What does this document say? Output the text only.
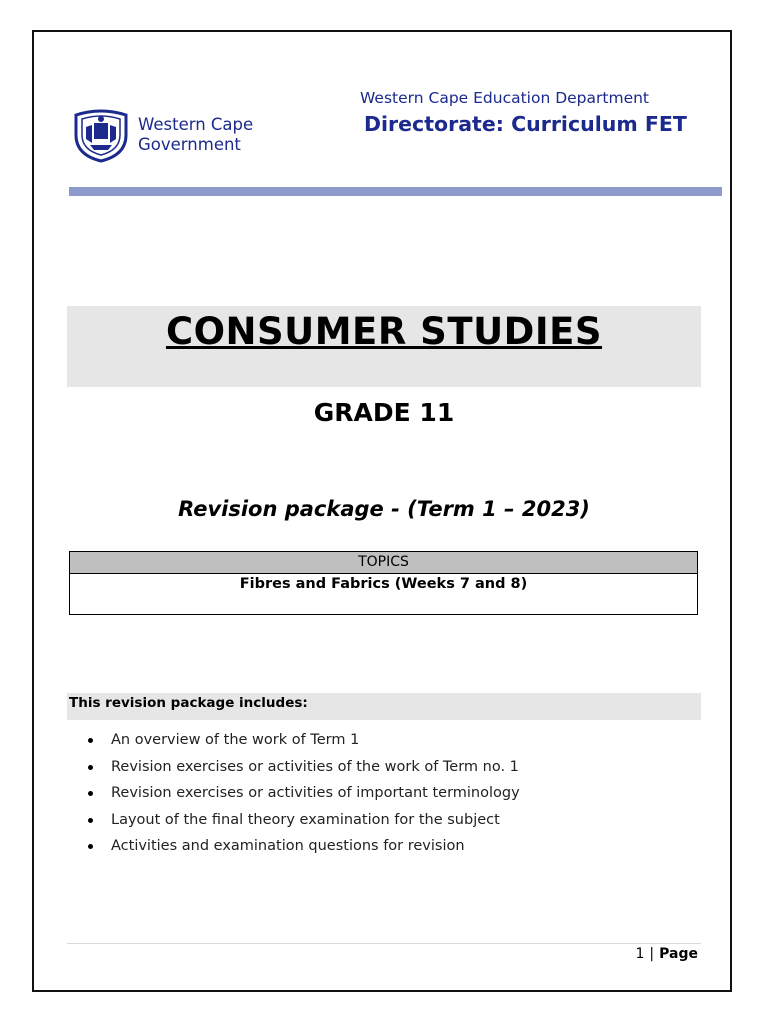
Western Cape
Government
Western Cape Education Department
Directorate: Curriculum FET
CONSUMER STUDIES
GRADE 11
Revision package - (Term 1 – 2023)
TOPICS
Fibres and Fabrics (Weeks 7 and 8)
This revision package includes:
An overview of the work of Term 1
Revision exercises or activities of the work of Term no. 1
Revision exercises or activities of important terminology
Layout of the final theory examination for the subject
Activities and examination questions for revision
1 | Page
